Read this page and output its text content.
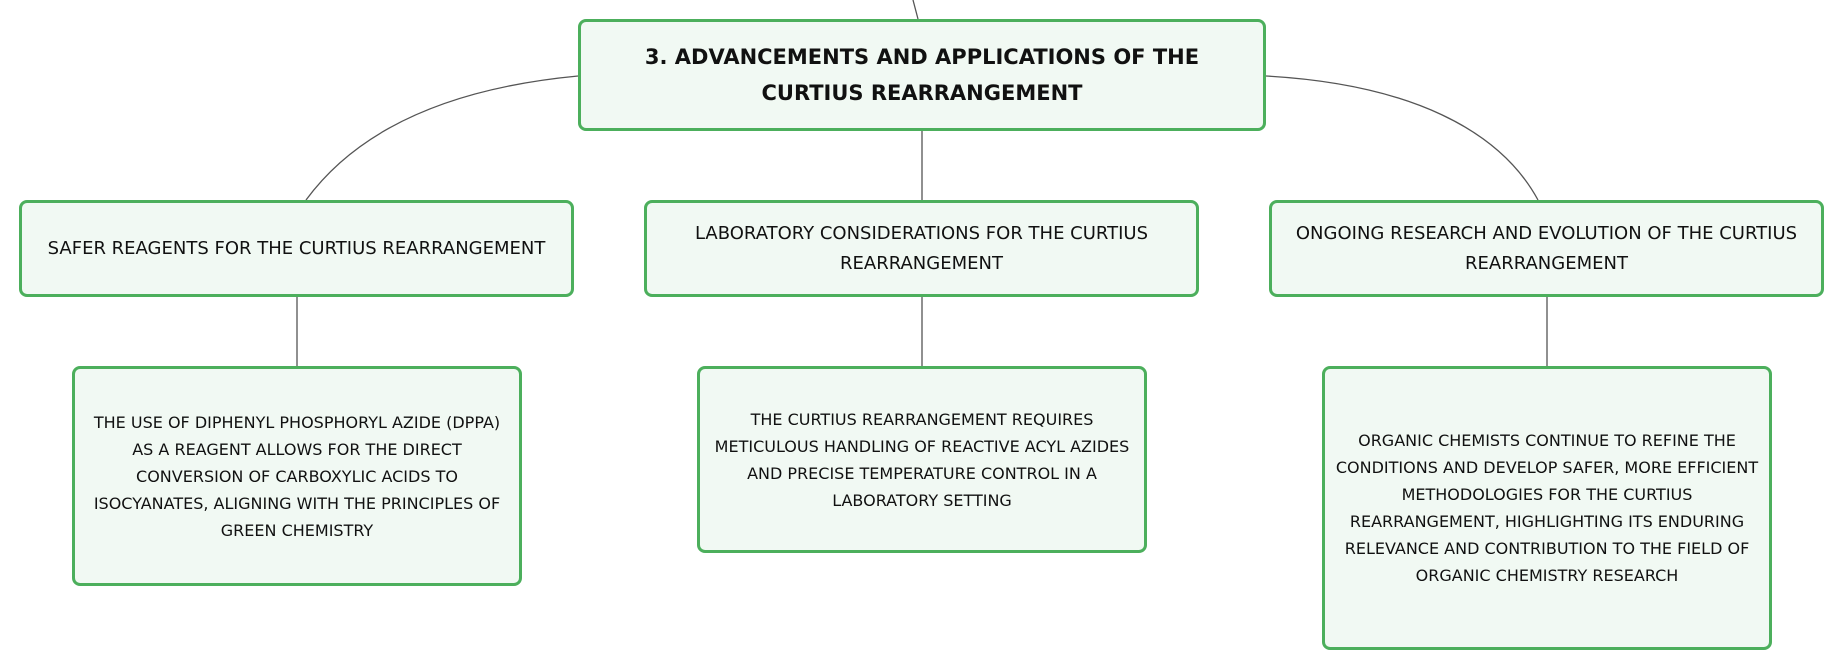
3. ADVANCEMENTS AND APPLICATIONS OF THE CURTIUS REARRANGEMENT
SAFER REAGENTS FOR THE CURTIUS REARRANGEMENT
LABORATORY CONSIDERATIONS FOR THE CURTIUS REARRANGEMENT
ONGOING RESEARCH AND EVOLUTION OF THE CURTIUS REARRANGEMENT
THE USE OF DIPHENYL PHOSPHORYL AZIDE (DPPA) AS A REAGENT ALLOWS FOR THE DIRECT CONVERSION OF CARBOXYLIC ACIDS TO ISOCYANATES, ALIGNING WITH THE PRINCIPLES OF GREEN CHEMISTRY
THE CURTIUS REARRANGEMENT REQUIRES METICULOUS HANDLING OF REACTIVE ACYL AZIDES AND PRECISE TEMPERATURE CONTROL IN A LABORATORY SETTING
ORGANIC CHEMISTS CONTINUE TO REFINE THE CONDITIONS AND DEVELOP SAFER, MORE EFFICIENT METHODOLOGIES FOR THE CURTIUS REARRANGEMENT, HIGHLIGHTING ITS ENDURING RELEVANCE AND CONTRIBUTION TO THE FIELD OF ORGANIC CHEMISTRY RESEARCH
